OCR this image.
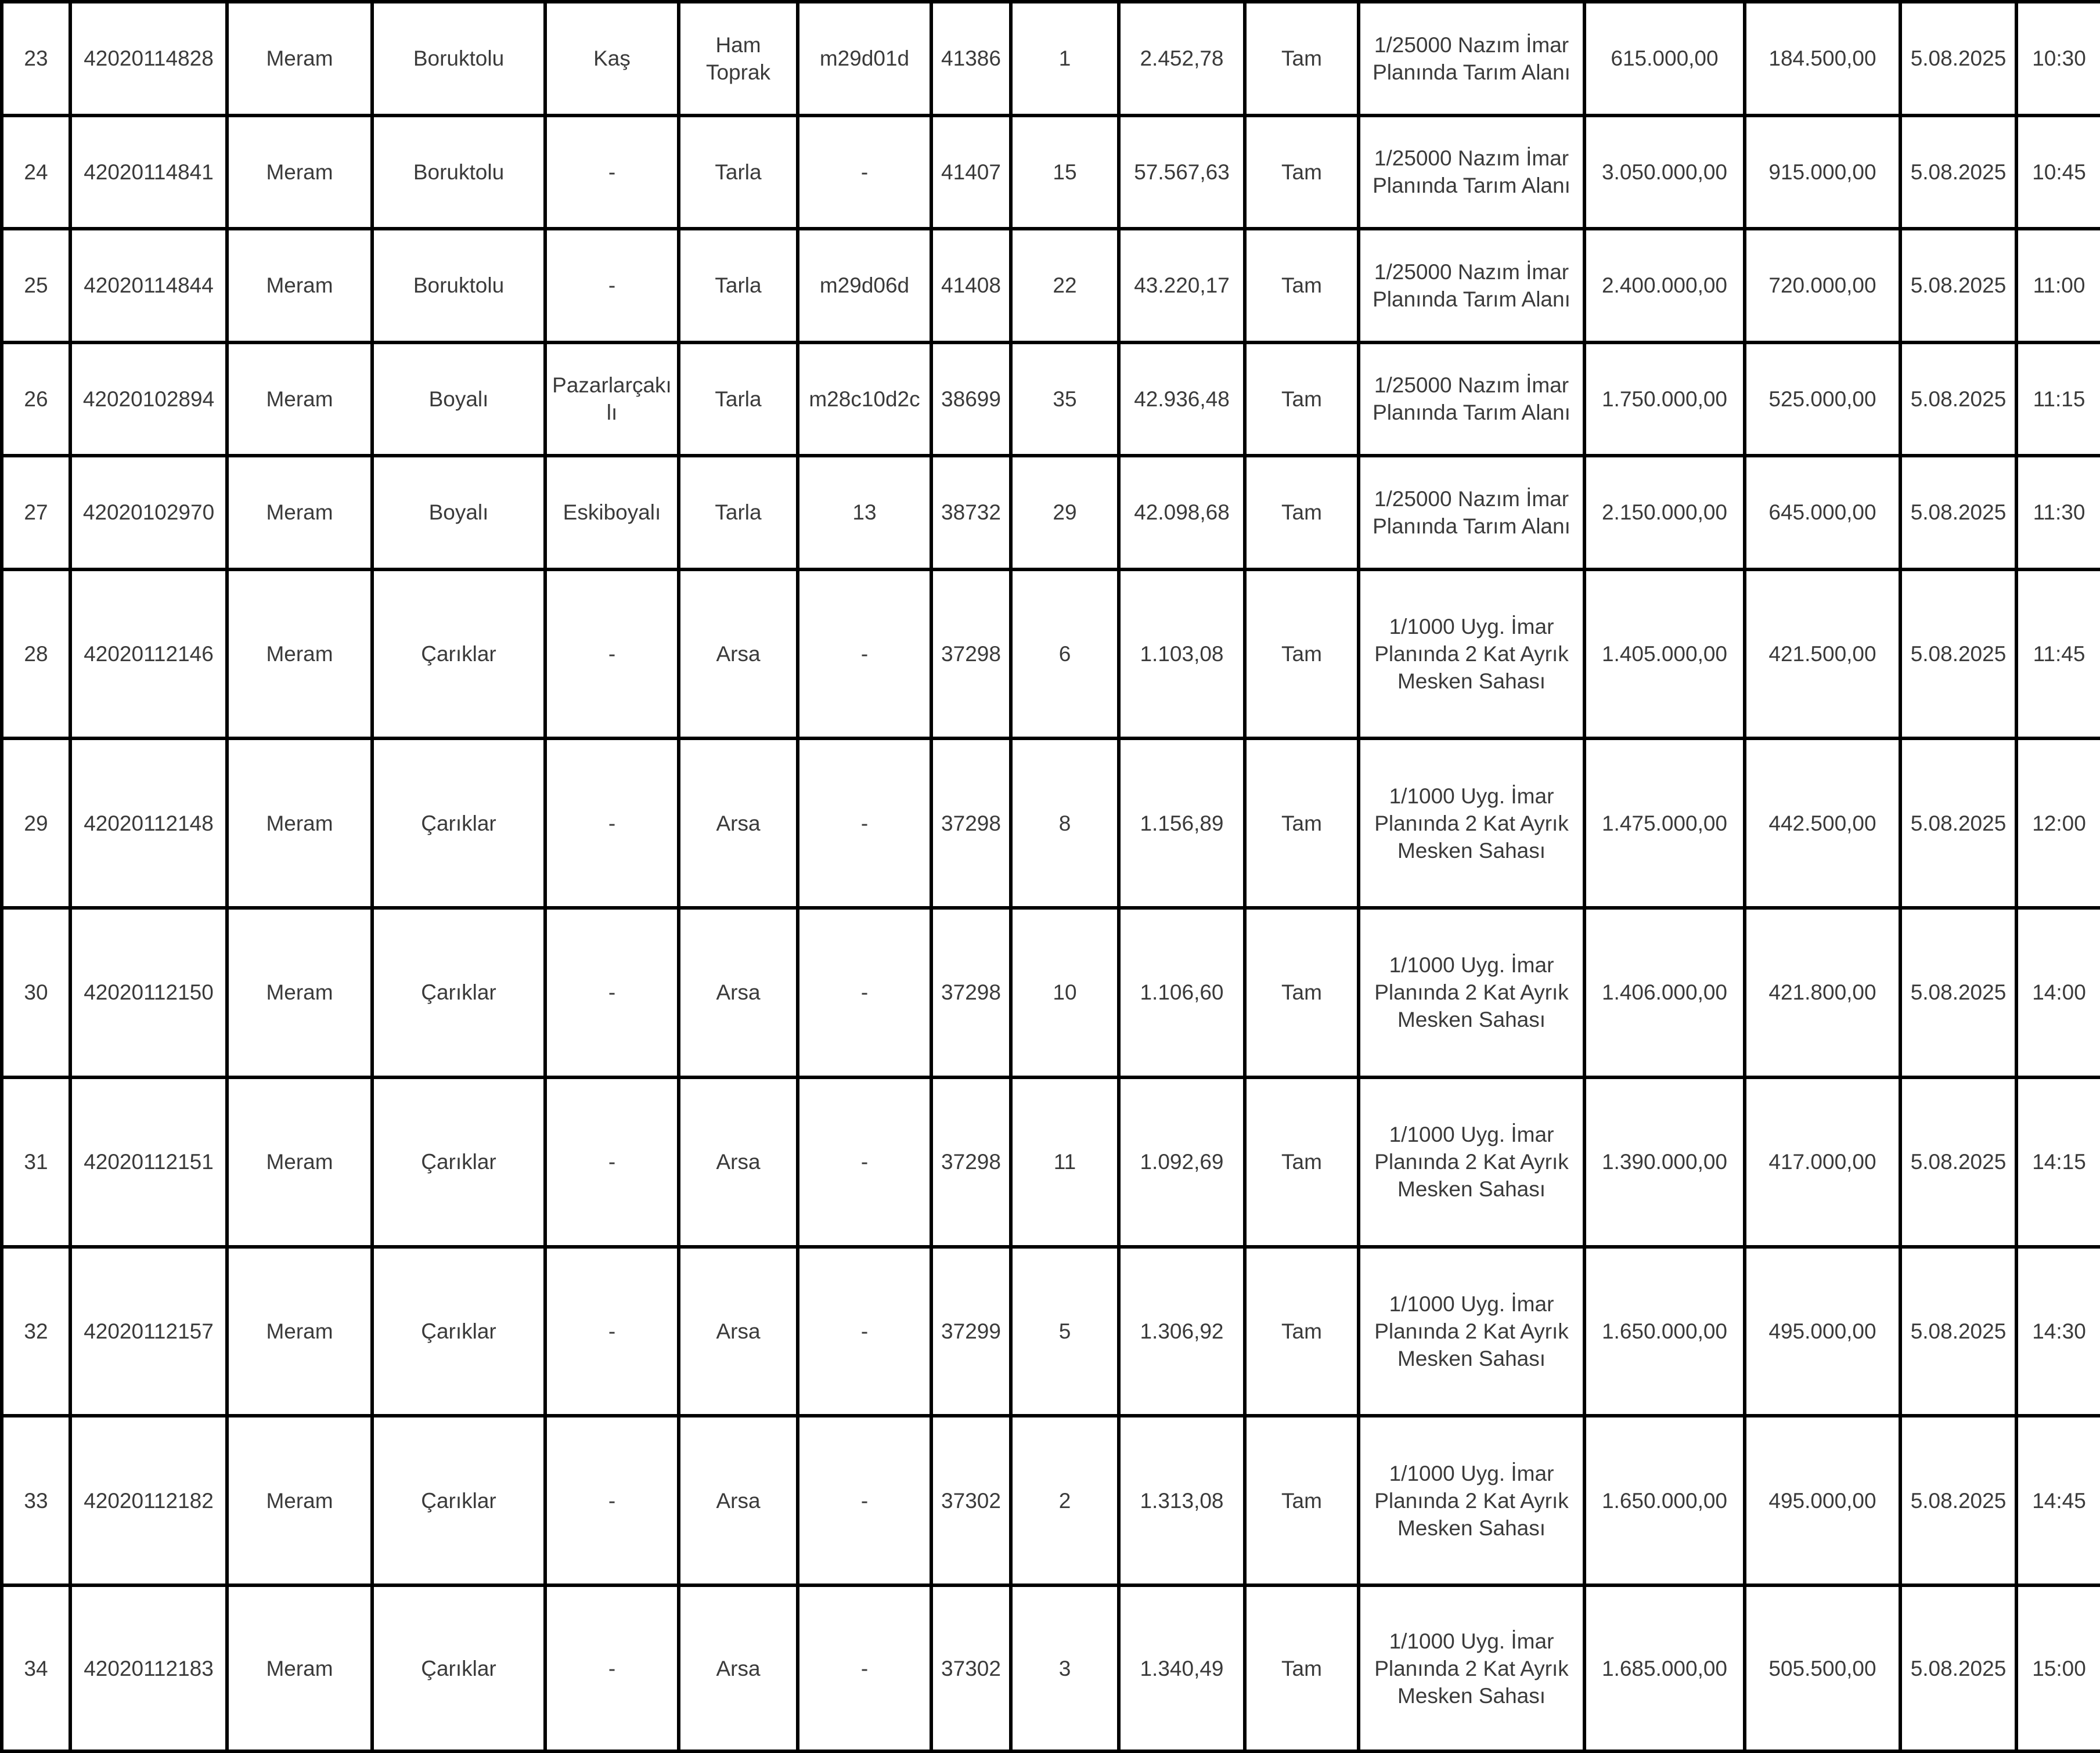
23	42020114828	Meram	Boruktolu	Kaş	Ham
Toprak	m29d01d	41386	1	2.452,78	Tam	1/25000 Nazım İmar
Planında Tarım Alanı	615.000,00	184.500,00	5.08.2025	10:30
24	42020114841	Meram	Boruktolu	-	Tarla	-	41407	15	57.567,63	Tam	1/25000 Nazım İmar
Planında Tarım Alanı	3.050.000,00	915.000,00	5.08.2025	10:45
25	42020114844	Meram	Boruktolu	-	Tarla	m29d06d	41408	22	43.220,17	Tam	1/25000 Nazım İmar
Planında Tarım Alanı	2.400.000,00	720.000,00	5.08.2025	11:00
26	42020102894	Meram	Boyalı	Pazarlarçakı
lı	Tarla	m28c10d2c	38699	35	42.936,48	Tam	1/25000 Nazım İmar
Planında Tarım Alanı	1.750.000,00	525.000,00	5.08.2025	11:15
27	42020102970	Meram	Boyalı	Eskiboyalı	Tarla	13	38732	29	42.098,68	Tam	1/25000 Nazım İmar
Planında Tarım Alanı	2.150.000,00	645.000,00	5.08.2025	11:30
28	42020112146	Meram	Çarıklar	-	Arsa	-	37298	6	1.103,08	Tam	1/1000 Uyg. İmar
Planında 2 Kat Ayrık
Mesken Sahası	1.405.000,00	421.500,00	5.08.2025	11:45
29	42020112148	Meram	Çarıklar	-	Arsa	-	37298	8	1.156,89	Tam	1/1000 Uyg. İmar
Planında 2 Kat Ayrık
Mesken Sahası	1.475.000,00	442.500,00	5.08.2025	12:00
30	42020112150	Meram	Çarıklar	-	Arsa	-	37298	10	1.106,60	Tam	1/1000 Uyg. İmar
Planında 2 Kat Ayrık
Mesken Sahası	1.406.000,00	421.800,00	5.08.2025	14:00
31	42020112151	Meram	Çarıklar	-	Arsa	-	37298	11	1.092,69	Tam	1/1000 Uyg. İmar
Planında 2 Kat Ayrık
Mesken Sahası	1.390.000,00	417.000,00	5.08.2025	14:15
32	42020112157	Meram	Çarıklar	-	Arsa	-	37299	5	1.306,92	Tam	1/1000 Uyg. İmar
Planında 2 Kat Ayrık
Mesken Sahası	1.650.000,00	495.000,00	5.08.2025	14:30
33	42020112182	Meram	Çarıklar	-	Arsa	-	37302	2	1.313,08	Tam	1/1000 Uyg. İmar
Planında 2 Kat Ayrık
Mesken Sahası	1.650.000,00	495.000,00	5.08.2025	14:45
34	42020112183	Meram	Çarıklar	-	Arsa	-	37302	3	1.340,49	Tam	1/1000 Uyg. İmar
Planında 2 Kat Ayrık
Mesken Sahası	1.685.000,00	505.500,00	5.08.2025	15:00
